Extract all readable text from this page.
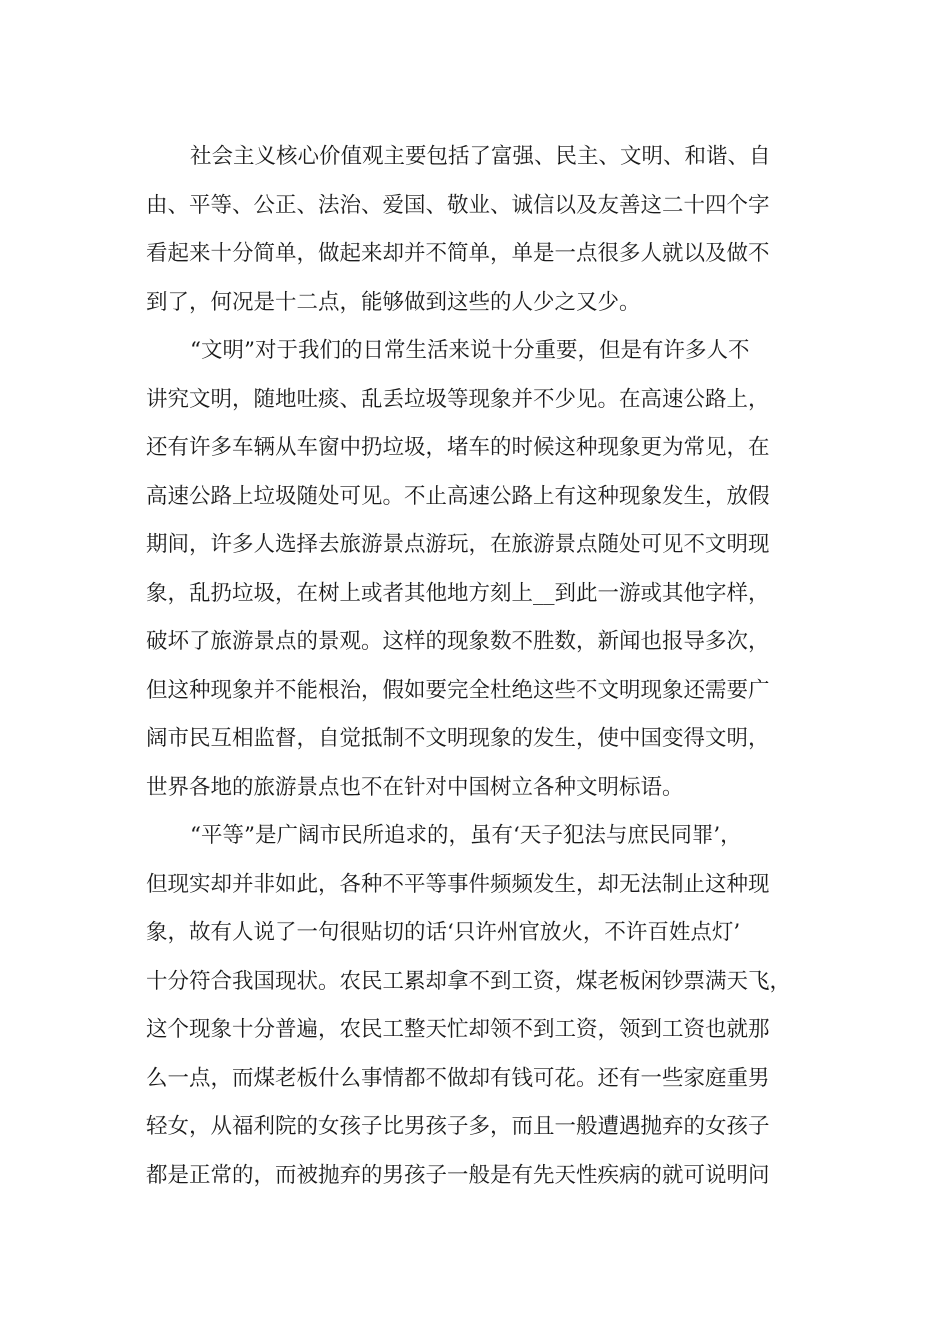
社会主义核心价值观主要包括了富强、民主、文明、和谐、自
由、平等、公正、法治、爱国、敬业、诚信以及友善这二十四个字
看起来十分简单，做起来却并不简单，单是一点很多人就以及做不
到了，何况是十二点，能够做到这些的人少之又少。
“文明”对于我们的日常生活来说十分重要，但是有许多人不
讲究文明，随地吐痰、乱丢垃圾等现象并不少见。在高速公路上，
还有许多车辆从车窗中扔垃圾，堵车的时候这种现象更为常见，在
高速公路上垃圾随处可见。不止高速公路上有这种现象发生，放假
期间，许多人选择去旅游景点游玩，在旅游景点随处可见不文明现
象，乱扔垃圾，在树上或者其他地方刻上__到此一游或其他字样，
破坏了旅游景点的景观。这样的现象数不胜数，新闻也报导多次，
但这种现象并不能根治，假如要完全杜绝这些不文明现象还需要广
阔市民互相监督，自觉抵制不文明现象的发生，使中国变得文明，
世界各地的旅游景点也不在针对中国树立各种文明标语。
“平等”是广阔市民所追求的，虽有‘天子犯法与庶民同罪’，
但现实却并非如此，各种不平等事件频频发生，却无法制止这种现
象，故有人说了一句很贴切的话‘只许州官放火，不许百姓点灯’
十分符合我国现状。农民工累却拿不到工资，煤老板闲钞票满天飞，
这个现象十分普遍，农民工整天忙却领不到工资，领到工资也就那
么一点，而煤老板什么事情都不做却有钱可花。还有一些家庭重男
轻女，从福利院的女孩子比男孩子多，而且一般遭遇抛弃的女孩子
都是正常的，而被抛弃的男孩子一般是有先天性疾病的就可说明问
